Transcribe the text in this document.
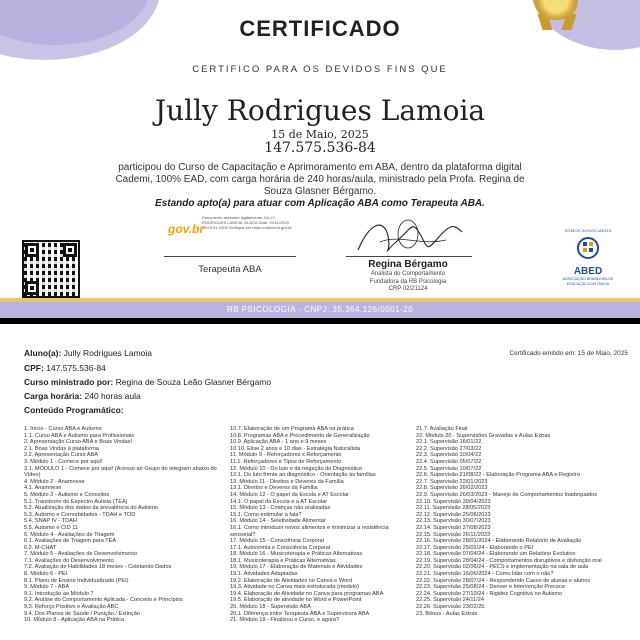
CERTIFICADO
CERTIFICO PARA OS DEVIDOS FINS QUE
Jully Rodrigues Lamoia
15 de Maio, 2025
147.575.536-84
participou do Curso de Capacitação e Aprimoramento em ABA, dentro da plataforma digital Cademi, 100% EAD, com carga horária de 240 horas/aula, ministrado pela Profa. Regina de Souza Glasner Bérgamo.
Estando apto(a) para atuar com Aplicação ABA como Terapeuta ABA.
gov.br
Documento assinado digitalmente JULLY RODRIGUES LAMOIA VILACA Data: 15/11/2025 13:03:51-0300 Verifique em https://validar.iti.gov.br
Terapeuta ABA	Regina Bérgamo
Analista do Comportamento
Fundadora da RB Psicologia
CRP 02/21124
SOMOS ASSOCIADOS
ABED
ASSOCIAÇÃO BRASILEIRA DE EDUCAÇÃO A DISTÂNCIA
RB PSICOLOGIA - CNPJ: 35.364.126/0001-20
Aluno(a): Jully Rodrigues Lamoia	Certificado emitido em: 15 de Maio, 2025
CPF: 147.575.536-84
Curso ministrado por: Regina de Souza Leão Glasner Bérgamo
Carga horária: 240 horas aula
Conteúdo Programático:
1. Início - Curso ABA e Autismo
1.1. Curso ABA e Autismo para Profissionais
2. Apresentação Curso ABA e Boas Vindas!
2.1. Boas Vindas à plataforma
2.2. Apresentação Curso ABA
3. Módulo 1 - Comece por aqui!
3.1. MÓDULO 1 - Comece por aqui! (Acesso ao Grupo do telegram abaixo do Vídeo)
4. Módulo 2 - Anamnese
4.1. Anamnese
5. Módulo 3 - Autismo e Conceitos
5.1. Transtorno do Espectro Autista (TEA)
5.2. Atualização dos dados da prevalência do Autismo
5.3. Autismo e Comorbidades - TDAH e TOD
5.4. SNAP IV - TDAH
5.5. Autismo e CID 11
6. Módulo 4 - Avaliações de Triagem
6.1. Avaliações de Triagem para TEA
6.2. M-CHAT
7. Módulo 5 - Avaliações de Desenvolvimento
7.1. Avaliações do Desenvolvimento
7.2. Avaliação de Habilidades 18 meses - Coletando Dados
8. Módulo 6 - PEI
8.1. Plano de Ensino Individualizado (PEI)
9. Módulo 7 - ABA
9.1. Introdução ao Módulo 7
9.2. Análise do Comportamento Aplicada - Conceito e Princípios
9.3. Reforço Positivo e Avaliação ABC
9.4. Dos Planos de Saúde / Punição / Extinção
10. Módulo 8 - Aplicação ABA na Prática
10.7. Elaboração de um Programa ABA na prática
10.8. Programas ABA e Procedimento de Generalização
10.9. Aplicação ABA - 1 ano e 9 meses
10.10. Elise 2 anos e 10 dias - Estratégia Naturalista
11. Módulo 9 - Reforçadores x Reforçamento
11.1. Reforçadores e Tipos de Reforçamento
12. Módulo 10 - Do luto e da negação do Diagnóstico
12.1. Do luto frente ao diagnóstico - Orientação às famílias
13. Módulo 11 - Direitos e Deveres da Família
13.1. Direitos e Deveres da Família
14. Módulo 12 - O papel da Escola e AT Escolar
14.1. O papel da Escola e a AT Escolar
15. Módulo 13 - Crianças não oralizadas
15.1. Como estimular a fala?
16. Módulo 14 - Seletividade Alimentar
16.1. Como introduzir novos alimentos e minimizar a resistência sensorial?
17. Módulo 15 - Consciência Corporal
17.1. Autonomia e Consciência Corporal
18. Módulo 16 - Musicoterapia e Práticas Alternativas
18.1. Musicoterapia e Práticas Alternativas
19. Módulo 17 - Elaboração de Materiais e Atividades
19.1. Atividades Adaptadas
19.2. Elaboração de Atividades no Canva e Word
19.3. Atividade no Canva mais estruturada (modelo)
19.4. Elaboração de Atividade no Canva para programas ABA
19.5. Elaboração de atividade no Word e PowerPoint
20. Módulo 18 - Supervisão ABA
20.1. Diferença entre Terapeuta ABA e Supervisora ABA
21. Módulo 19 - Finalizou o Curso, e agora?
21.7. Avaliação Final
22. Módulo 20 - Supervisões Gravadas e Aulas Extras
22.1. Supervisão 16/01/22
22.2. Supervisão 27/03/22
22.3. Supervisão 10/04/22
22.4. Supervisão 05/07/22
22.5. Supervisão 10/07/22
22.6. Supervisão 21/08/22 - Elaboração Programa ABA e Registro
22.7. Supervisão 22/01/2023
22.8. Supervisão 26/02/2023
22.9. Supervisão 26/03/2023 - Manejo de Comportamentos Inadequados
22.10. Supervisão 30/04/2023
22.11. Supervisão 28/05/2023
22.12. Supervisão 25/06/2023
22.13. Supervisão 30/07/2023
22.14. Supervisão 27/08/2023
22.15. Supervisão 26/11/2023
22.16. Supervisão 28/01/2024 - Elaborando Relatório de Avaliação
22.17. Supervisão 25/02/24 - Elaborando o PEI
22.18. Supervisão 07/04/24 - Elaborando um Relatório Evolutivo
22.19. Supervisão 28/04/24 - Comportamentos disruptivos e disfunção oral
22.20. Supervisão 02/06/24 - PECS e implementação na sala de aula
22.21. Supervisão 16/06/2024 - Como lidar com o não?
22.22. Supervisão 28/07/24 - Respondendo Casos de alunas e alunos
22.23. Supervisão 25/08/24 - Denver e Intervenção Precoce
22.24. Supervisão 27/10/24 - Rigidez Cognitiva no Autismo
22.25. Supervisão 24/11/24
22.26. Supervisão 23/02/25
23. Bônus - Aulas Extras
